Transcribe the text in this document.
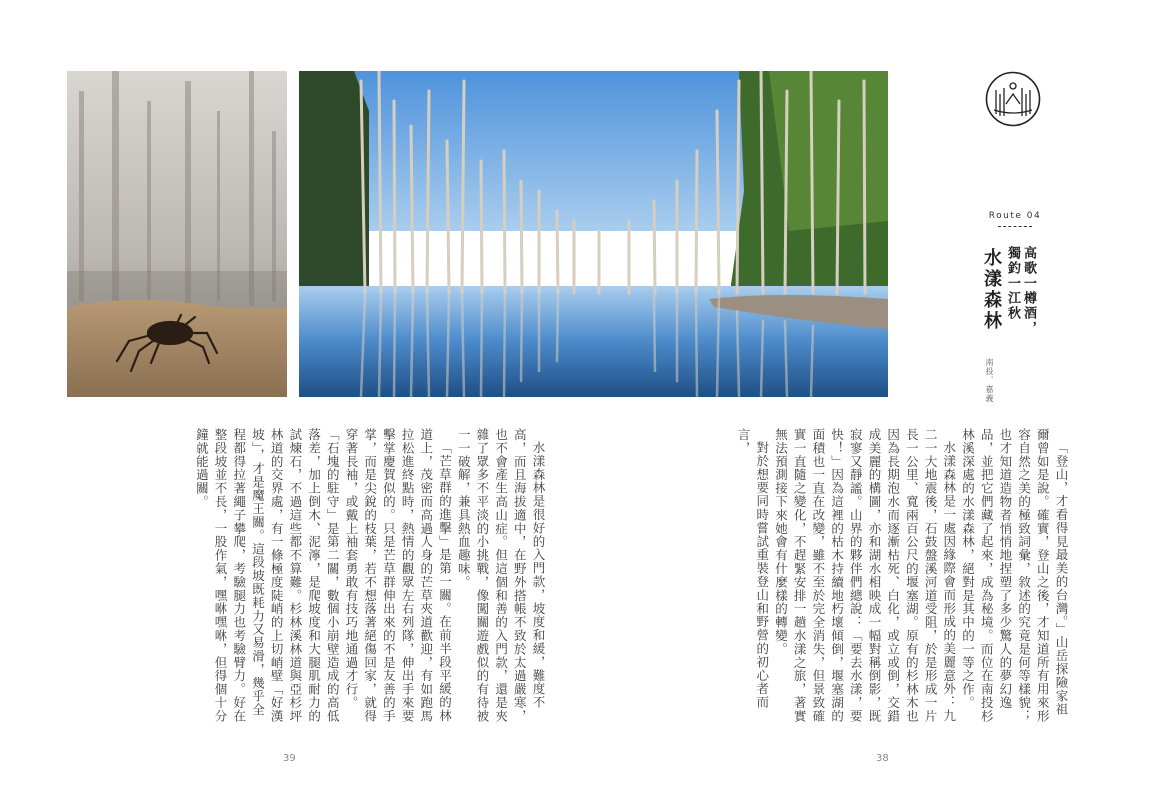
Route 04
高歌一樽酒，
獨釣一江秋
水漾森林
南投．嘉義

「登山，才看得見最美的台灣。」山岳探險家祖爾曾如是說。確實，登山之後，才知道所有用來形容自然之美的極致詞彙，敘述的究竟是何等樣貌；也才知道造物者悄悄地捏塑了多少驚人的夢幻逸品，並把它們藏了起來，成為秘境。而位在南投杉林溪深處的水漾森林，絕對是其中的一等之作。

水漾森林是一處因緣際會而形成的美麗意外：九二一大地震後，石鼓盤溪河道受阻，於是形成一片長一公里、寬兩百公尺的堰塞湖。原有的杉林木也因為長期泡水而逐漸枯死、白化，或立或倒，交錯成美麗的構圖，亦和湖水相映成一幅對稱倒影，既寂寥又靜謐。山界的夥伴們總說：「要去水漾，要快！」因為這裡的枯木持續地朽壞傾倒，堰塞湖的面積也一直在改變，雖不至於完全消失，但景致確實一直隨之變化，不趕緊安排一趟水漾之旅，著實無法預測接下來她會有什麼樣的轉變。

對於想要同時嘗試重裝登山和野營的初心者而言，

水漾森林是很好的入門款，坡度和緩，難度不高，而且海拔適中，在野外搭帳不致於太過嚴寒，也不會產生高山症。但這個和善的入門款，還是夾雜了眾多不平淡的小挑戰，像闖關遊戲似的有待被一一破解，兼具熱血趣味。

「芒草群的進擊」是第一關。在前半段平緩的林道上，茂密而高過人身的芒草夾道歡迎，有如跑馬拉松進終點時，熱情的觀眾左右列隊，伸出手來要擊掌慶賀似的。只是芒草群伸出來的不是友善的手掌，而是尖銳的枝葉，若不想落著絕傷回家，就得穿著長袖，或戴上袖套勇敢有技巧地通過才行。「石塊的駐守」是第二關，數個小崩壁造成的高低落差，加上倒木、泥濘，是爬坡度和大腿肌耐力的試煉石，不過這些都不算難。杉林溪林道與亞杉坪林道的交界處，有一條極度陡峭的上切峭壁「好漢坡」，才是魔王關。這段坡既耗力又易滑，幾乎全程都得拉著繩子攀爬，考驗腿力也考驗臂力。好在整段坡並不長，一股作氣，嘿咻嘿咻，但得個十分鐘就能過關。

39	38
